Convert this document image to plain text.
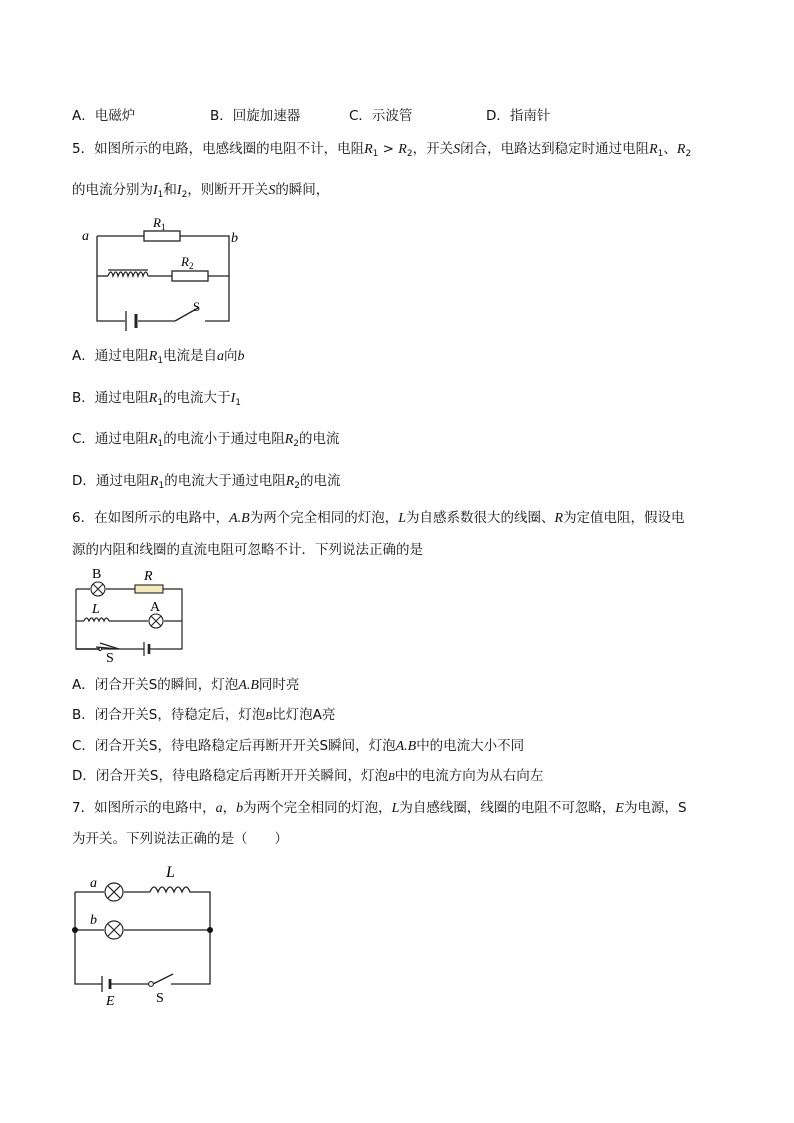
A．电磁炉	B．回旋加速器	C．示波管	D．指南针
5．如图所示的电路，电感线圈的电阻不计，电阻$R_1 > R_2$，开关S闭合，电路达到稳定时通过电阻$R_1$、$R_2$
的电流分别为$I_1$和$I_2$，则断开开关S的瞬间，
a	b
$R_1$
$R_2$
S
A．通过电阻$R_1$电流是自a向b
B．通过电阻$R_1$的电流大于$I_1$
C．通过电阻$R_1$的电流小于通过电阻$R_2$的电流
D．通过电阻$R_1$的电流大于通过电阻$R_2$的电流
6．在如图所示的电路中，A.B为两个完全相同的灯泡，L为自感系数很大的线圈、R为定值电阻，假设电
源的内阻和线圈的直流电阻可忽略不计．下列说法正确的是
B	R
L	A
S
A．闭合开关S的瞬间，灯泡A.B同时亮
B．闭合开关S，待稳定后，灯泡B比灯泡A亮
C．闭合开关S，待电路稳定后再断开开关S瞬间，灯泡A.B中的电流大小不同
D．闭合开关S，待电路稳定后再断开开关瞬间，灯泡B中的电流方向为从右向左
7．如图所示的电路中，a，b为两个完全相同的灯泡，L为自感线圈，线圈的电阻不可忽略，E为电源，S
为开关。下列说法正确的是（　　）
a
L
b
E	S
